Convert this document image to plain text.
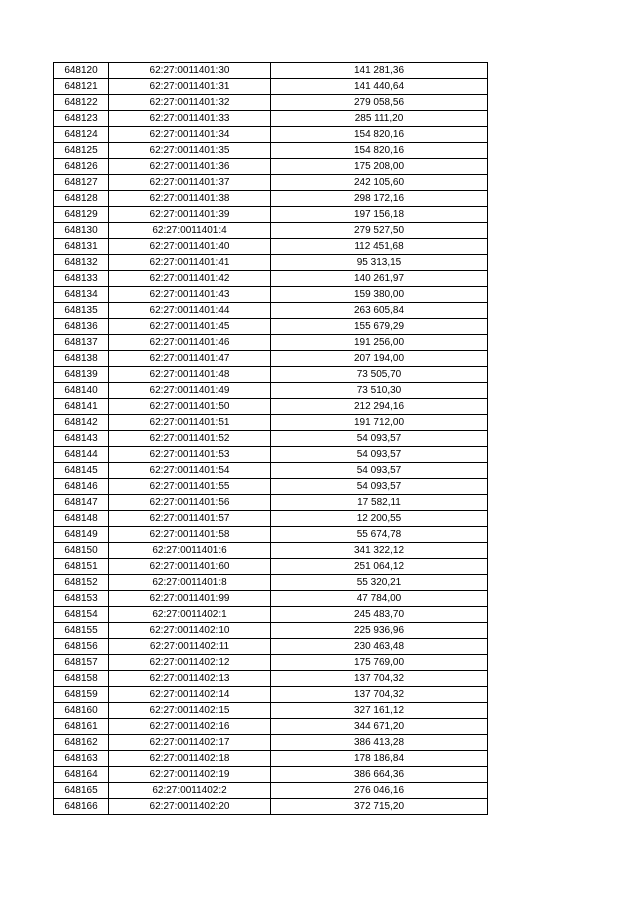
648120	62:27:0011401:30	141 281,36
648121	62:27:0011401:31	141 440,64
648122	62:27:0011401:32	279 058,56
648123	62:27:0011401:33	285 111,20
648124	62:27:0011401:34	154 820,16
648125	62:27:0011401:35	154 820,16
648126	62:27:0011401:36	175 208,00
648127	62:27:0011401:37	242 105,60
648128	62:27:0011401:38	298 172,16
648129	62:27:0011401:39	197 156,18
648130	62:27:0011401:4	279 527,50
648131	62:27:0011401:40	112 451,68
648132	62:27:0011401:41	95 313,15
648133	62:27:0011401:42	140 261,97
648134	62:27:0011401:43	159 380,00
648135	62:27:0011401:44	263 605,84
648136	62:27:0011401:45	155 679,29
648137	62:27:0011401:46	191 256,00
648138	62:27:0011401:47	207 194,00
648139	62:27:0011401:48	73 505,70
648140	62:27:0011401:49	73 510,30
648141	62:27:0011401:50	212 294,16
648142	62:27:0011401:51	191 712,00
648143	62:27:0011401:52	54 093,57
648144	62:27:0011401:53	54 093,57
648145	62:27:0011401:54	54 093,57
648146	62:27:0011401:55	54 093,57
648147	62:27:0011401:56	17 582,11
648148	62:27:0011401:57	12 200,55
648149	62:27:0011401:58	55 674,78
648150	62:27:0011401:6	341 322,12
648151	62:27:0011401:60	251 064,12
648152	62:27:0011401:8	55 320,21
648153	62:27:0011401:99	47 784,00
648154	62:27:0011402:1	245 483,70
648155	62:27:0011402:10	225 936,96
648156	62:27:0011402:11	230 463,48
648157	62:27:0011402:12	175 769,00
648158	62:27:0011402:13	137 704,32
648159	62:27:0011402:14	137 704,32
648160	62:27:0011402:15	327 161,12
648161	62:27:0011402:16	344 671,20
648162	62:27:0011402:17	386 413,28
648163	62:27:0011402:18	178 186,84
648164	62:27:0011402:19	386 664,36
648165	62:27:0011402:2	276 046,16
648166	62:27:0011402:20	372 715,20
